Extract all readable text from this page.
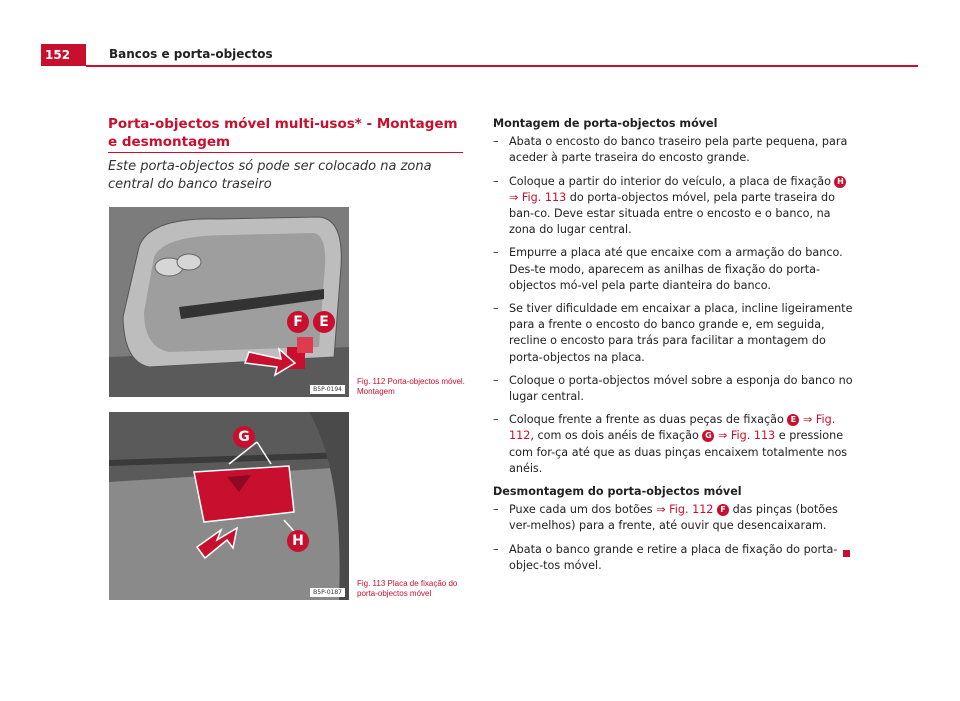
152	Bancos e porta-objectos
Porta-objectos móvel multi-usos* - Montagem e desmontagem
Este porta-objectos só pode ser colocado na zona central do banco traseiro
B5P-0194
F	E
Fig. 112 Porta-objectos móvel. Montagem
B5P-0187
G
H
Fig. 113 Placa de fixação do porta-objectos móvel
Montagem de porta-objectos móvel
– Abata o encosto do banco traseiro pela parte pequena, para aceder à parte traseira do encosto grande.
– Coloque a partir do interior do veículo, a placa de fixação H ⇒ Fig. 113 do porta-objectos móvel, pela parte traseira do ban-co. Deve estar situada entre o encosto e o banco, na zona do lugar central.
– Empurre a placa até que encaixe com a armação do banco. Des-te modo, aparecem as anilhas de fixação do porta-objectos mó-vel pela parte dianteira do banco.
– Se tiver dificuldade em encaixar a placa, incline ligeiramente para a frente o encosto do banco grande e, em seguida, recline o encosto para trás para facilitar a montagem do porta-objectos na placa.
– Coloque o porta-objectos móvel sobre a esponja do banco no lugar central.
– Coloque frente a frente as duas peças de fixação E ⇒ Fig. 112, com os dois anéis de fixação G ⇒ Fig. 113 e pressione com for-ça até que as duas pinças encaixem totalmente nos anéis.
Desmontagem do porta-objectos móvel
– Puxe cada um dos botões ⇒ Fig. 112 F das pinças (botões ver-melhos) para a frente, até ouvir que desencaixaram.
– Abata o banco grande e retire a placa de fixação do porta-objec-tos móvel.
